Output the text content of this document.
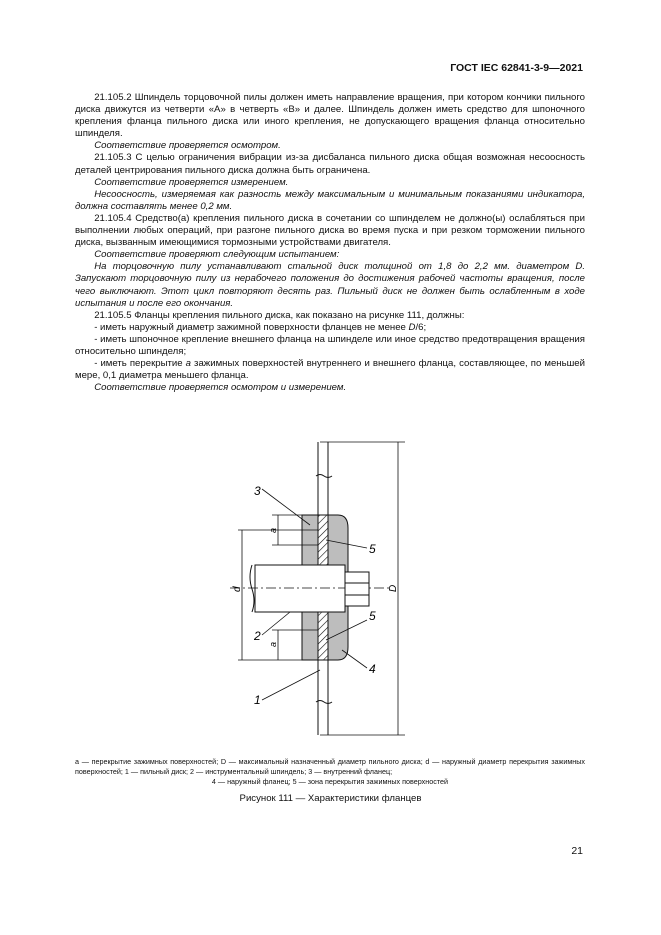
ГОСТ IEC 62841-3-9—2021

21.105.2 Шпиндель торцовочной пилы должен иметь направление вращения, при котором кончики пильного диска движутся из четверти «А» в четверть «В» и далее. Шпиндель должен иметь средство для шпоночного крепления фланца пильного диска или иного крепления, не допускающего вращения фланца относительно шпинделя.

Соответствие проверяется осмотром.

21.105.3 С целью ограничения вибрации из-за дисбаланса пильного диска общая возможная несоосность деталей центрирования пильного диска должна быть ограничена.

Соответствие проверяется измерением.

Несоосность, измеряемая как разность между максимальным и минимальным показаниями индикатора, должна составлять менее 0,2 мм.

21.105.4 Средство(а) крепления пильного диска в сочетании со шпинделем не должно(ы) ослабляться при выполнении любых операций, при разгоне пильного диска во время пуска и при резком торможении пильного диска, вызванным имеющимися тормозными устройствами двигателя.

Соответствие проверяют следующим испытанием:

На торцовочную пилу устанавливают стальной диск толщиной от 1,8 до 2,2 мм. диаметром D. Запускают торцовочную пилу из нерабочего положения до достижения рабочей частоты вращения, после чего выключают. Этот цикл повторяют десять раз. Пильный диск не должен быть ослабленным в ходе испытания и после его окончания.

21.105.5 Фланцы крепления пильного диска, как показано на рисунке 111, должны:

- иметь наружный диаметр зажимной поверхности фланцев не менее D/6;

- иметь шпоночное крепление внешнего фланца на шпинделе или иное средство предотвращения вращения относительно шпинделя;

- иметь перекрытие a зажимных поверхностей внутреннего и внешнего фланца, составляющее, по меньшей мере, 0,1 диаметра меньшего фланца.

Соответствие проверяется осмотром и измерением.

3
2
1
5
5
4
a
a
d	D
a — перекрытие зажимных поверхностей; D — максимальный назначенный диаметр пильного диска; d — наружный диаметр перекрытия зажимных поверхностей; 1 — пильный диск; 2 — инструментальный шпиндель; 3 — внутренний фланец;
4 — наружный фланец; 5 — зона перекрытия зажимных поверхностей
Рисунок 111 — Характеристики фланцев
21
